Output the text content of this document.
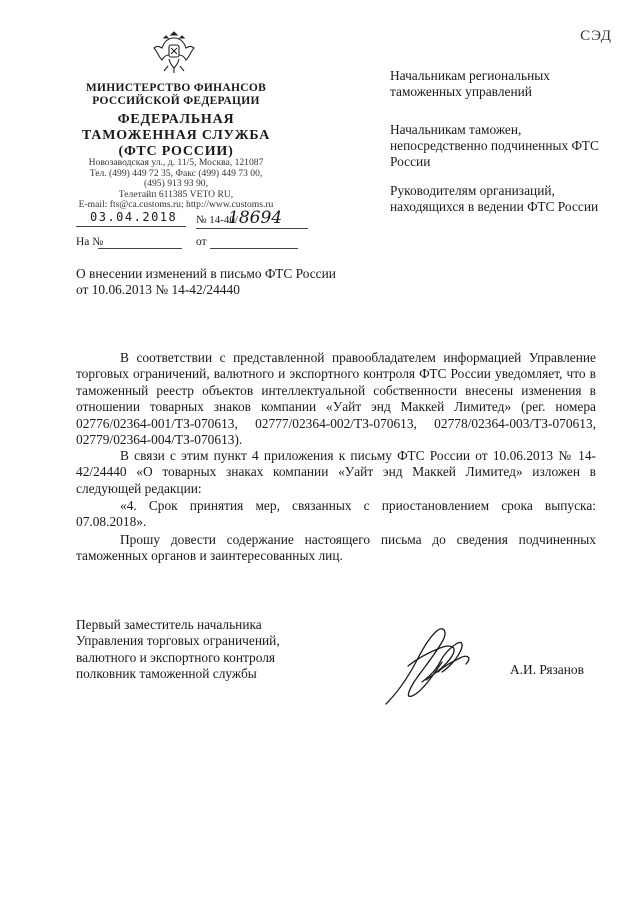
СЭД
МИНИСТЕРСТВО ФИНАНСОВ
РОССИЙСКОЙ ФЕДЕРАЦИИ
ФЕДЕРАЛЬНАЯ
ТАМОЖЕННАЯ СЛУЖБА
(ФТС РОССИИ)
Новозаводская ул., д. 11/5, Москва, 121087
Тел. (499) 449 72 35, Факс (499) 449 73 00,
(495) 913 93 90,
Телетайп 611385 VETO RU,
E-mail: fts@ca.customs.ru; http://www.customs.ru
03.04.2018 № 14-40/
18694
На №	от
Начальникам региональных таможенных управлений
Начальникам таможен, непосредственно подчиненных ФТС России
Руководителям организаций, находящихся в ведении ФТС России
О внесении изменений в письмо ФТС России от 10.06.2013 № 14-42/24440
В соответствии с представленной правообладателем информацией Управление торговых ограничений, валютного и экспортного контроля ФТС России уведомляет, что в таможенный реестр объектов интеллектуальной собственности внесены изменения в отношении товарных знаков компании «Уайт энд Маккей Лимитед» (рег. номера 02776/02364-001/ТЗ-070613, 02777/02364-002/ТЗ-070613, 02778/02364-003/ТЗ-070613, 02779/02364-004/ТЗ-070613).
В связи с этим пункт 4 приложения к письму ФТС России от 10.06.2013 № 14-42/24440 «О товарных знаках компании «Уайт энд Маккей Лимитед» изложен в следующей редакции:
«4. Срок принятия мер, связанных с приостановлением срока выпуска: 07.08.2018».
Прошу довести содержание настоящего письма до сведения подчиненных таможенных органов и заинтересованных лиц.
Первый заместитель начальника
Управления торговых ограничений,
валютного и экспортного контроля
полковник таможенной службы	А.И. Рязанов
